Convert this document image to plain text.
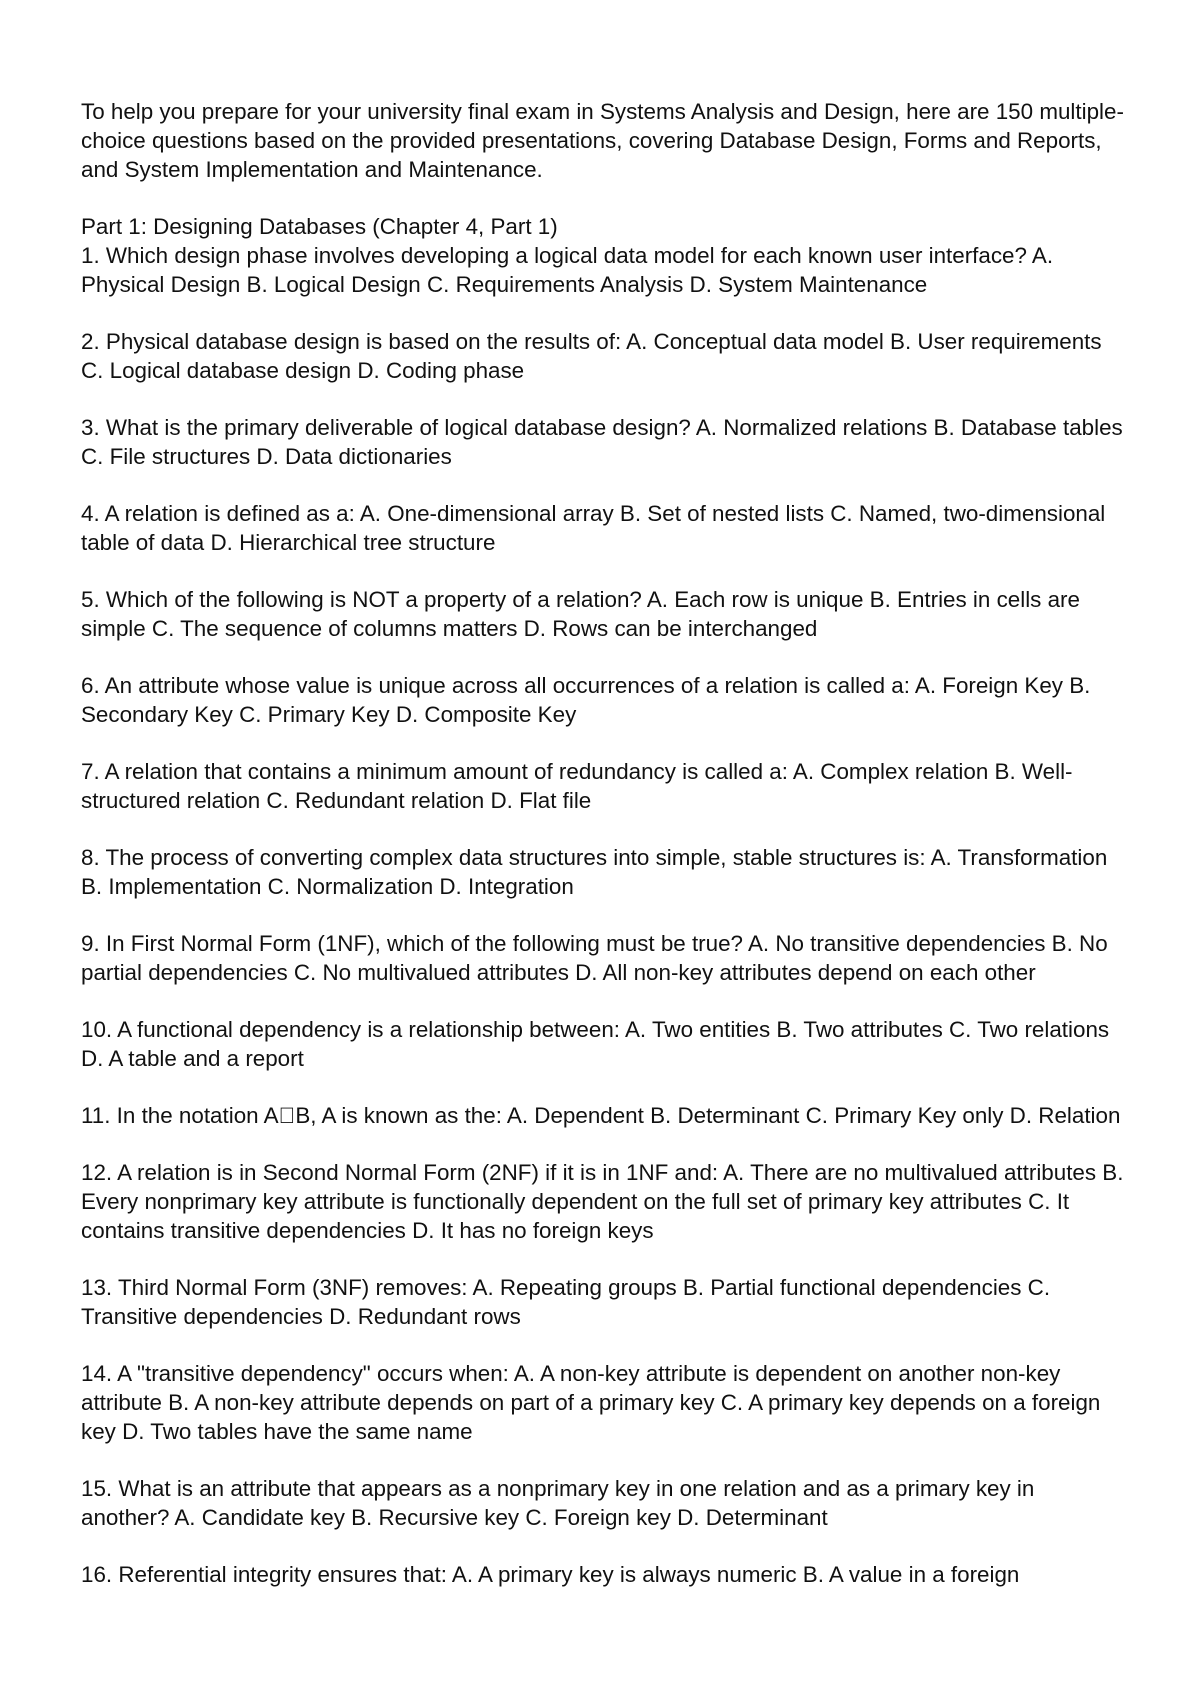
To help you prepare for your university final exam in Systems Analysis and Design, here are 150 multiple-choice questions based on the provided presentations, covering Database Design, Forms and Reports, and System Implementation and Maintenance.

Part 1: Designing Databases (Chapter 4, Part 1)

1. Which design phase involves developing a logical data model for each known user interface? A. Physical Design B. Logical Design C. Requirements Analysis D. System Maintenance

2. Physical database design is based on the results of: A. Conceptual data model B. User requirements C. Logical database design D. Coding phase

3. What is the primary deliverable of logical database design? A. Normalized relations B. Database tables C. File structures D. Data dictionaries

4. A relation is defined as a: A. One-dimensional array B. Set of nested lists C. Named, two-dimensional table of data D. Hierarchical tree structure

5. Which of the following is NOT a property of a relation? A. Each row is unique B. Entries in cells are simple C. The sequence of columns matters D. Rows can be interchanged

6. An attribute whose value is unique across all occurrences of a relation is called a: A. Foreign Key B. Secondary Key C. Primary Key D. Composite Key

7. A relation that contains a minimum amount of redundancy is called a: A. Complex relation B. Well-structured relation C. Redundant relation D. Flat file

8. The process of converting complex data structures into simple, stable structures is: A. Transformation B. Implementation C. Normalization D. Integration

9. In First Normal Form (1NF), which of the following must be true? A. No transitive dependencies B. No partial dependencies C. No multivalued attributes D. All non-key attributes depend on each other

10. A functional dependency is a relationship between: A. Two entities B. Two attributes C. Two relations D. A table and a report

11. In the notation A B, A is known as the: A. Dependent B. Determinant C. Primary Key only D. Relation

12. A relation is in Second Normal Form (2NF) if it is in 1NF and: A. There are no multivalued attributes B. Every nonprimary key attribute is functionally dependent on the full set of primary key attributes C. It contains transitive dependencies D. It has no foreign keys

13. Third Normal Form (3NF) removes: A. Repeating groups B. Partial functional dependencies C. Transitive dependencies D. Redundant rows

14. A "transitive dependency" occurs when: A. A non-key attribute is dependent on another non-key attribute B. A non-key attribute depends on part of a primary key C. A primary key depends on a foreign key D. Two tables have the same name

15. What is an attribute that appears as a nonprimary key in one relation and as a primary key in another? A. Candidate key B. Recursive key C. Foreign key D. Determinant

16. Referential integrity ensures that: A. A primary key is always numeric B. A value in a foreign
